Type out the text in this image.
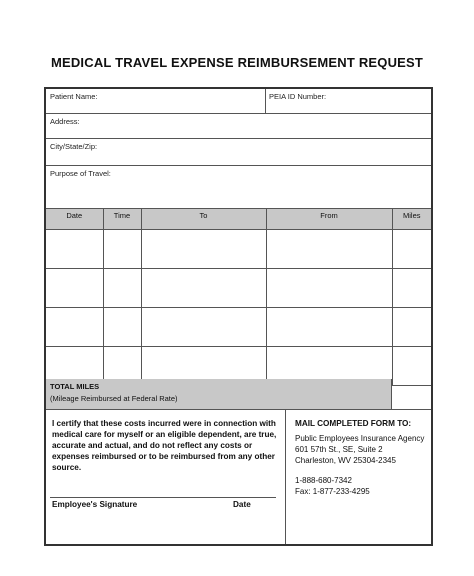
MEDICAL TRAVEL EXPENSE REIMBURSEMENT REQUEST
Patient Name:	PEIA ID Number:
Address:
City/State/Zip:
Purpose of Travel:
Date	Time	To	From	Miles

TOTAL MILES
(Mileage Reimbursed at Federal Rate)
I certify that these costs incurred were in connection with medical care for myself or an eligible dependent, are true, accurate and actual, and do not reflect any costs or expenses reimbursed or to be reimbursed from any other source.
Employee's Signature	Date
MAIL COMPLETED FORM TO:
Public Employees Insurance Agency
601 57th St., SE, Suite 2
Charleston, WV 25304-2345
1-888-680-7342
Fax: 1-877-233-4295
